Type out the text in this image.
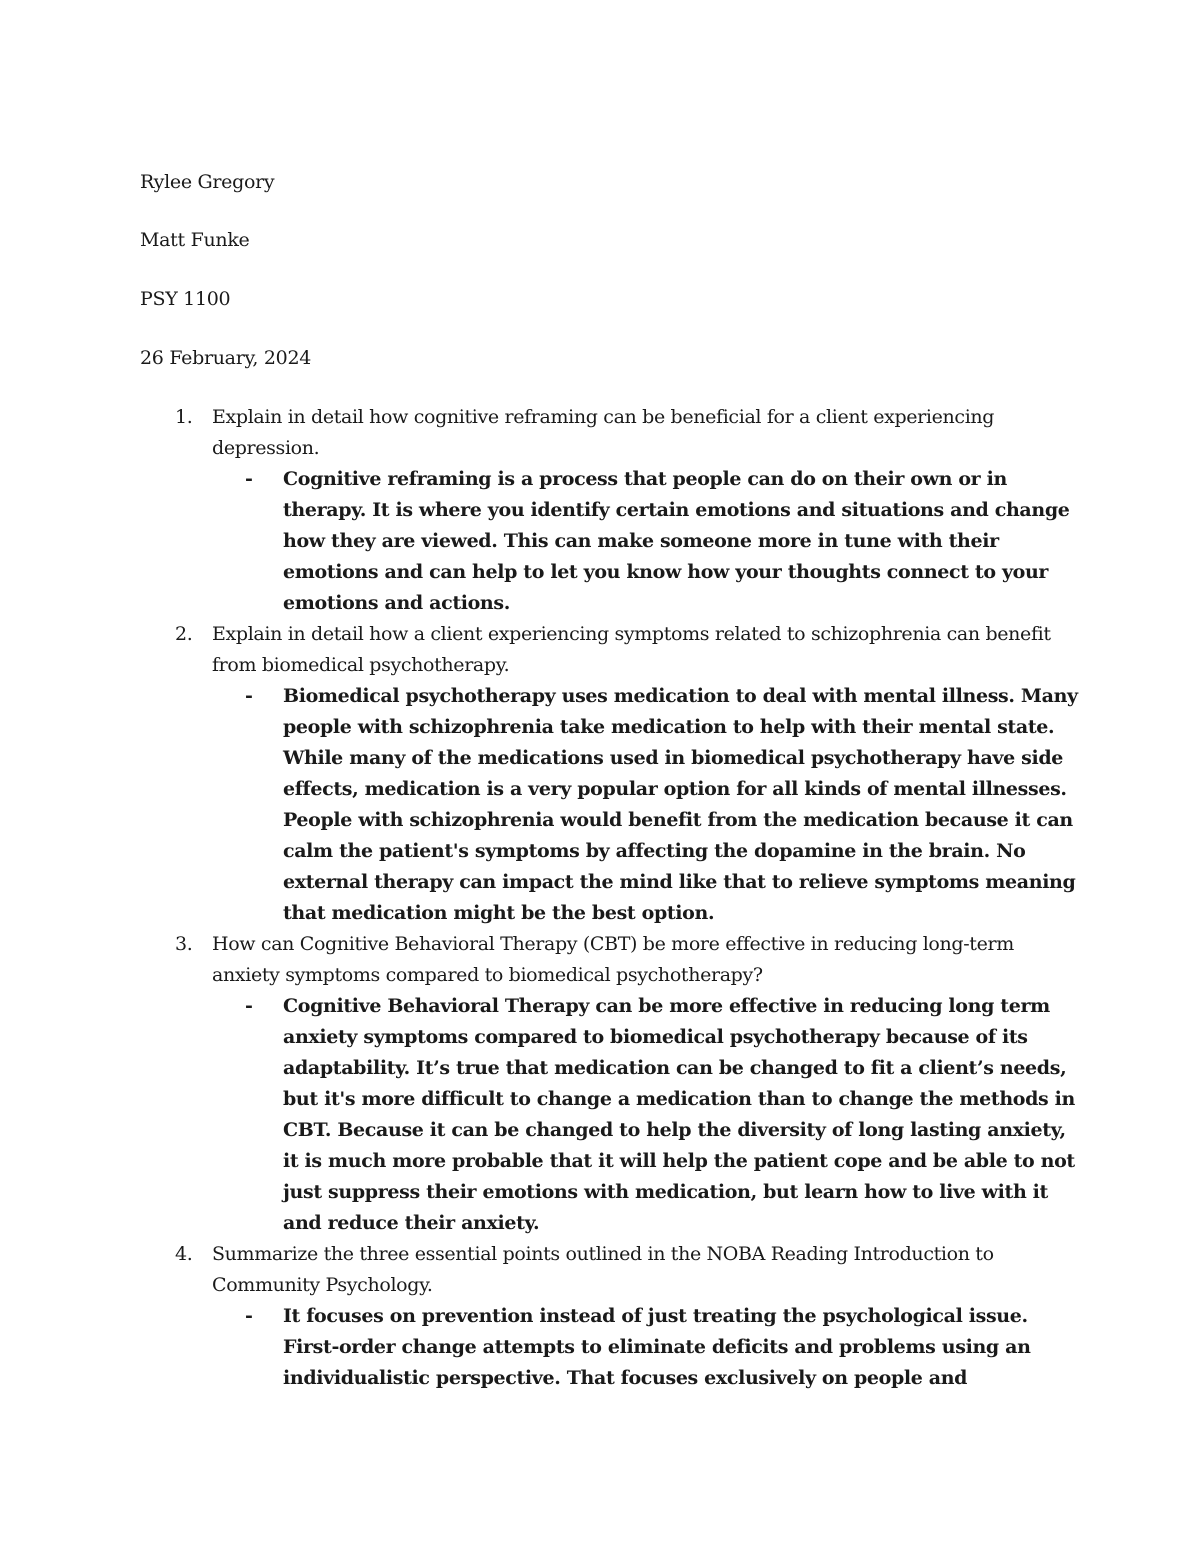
Rylee Gregory
Matt Funke
PSY 1100
26 February, 2024
1. Explain in detail how cognitive reframing can be beneficial for a client experiencing depression.
- Cognitive reframing is a process that people can do on their own or in therapy. It is where you identify certain emotions and situations and change how they are viewed. This can make someone more in tune with their emotions and can help to let you know how your thoughts connect to your emotions and actions.
2. Explain in detail how a client experiencing symptoms related to schizophrenia can benefit from biomedical psychotherapy.
- Biomedical psychotherapy uses medication to deal with mental illness. Many people with schizophrenia take medication to help with their mental state. While many of the medications used in biomedical psychotherapy have side effects, medication is a very popular option for all kinds of mental illnesses. People with schizophrenia would benefit from the medication because it can calm the patient's symptoms by affecting the dopamine in the brain. No external therapy can impact the mind like that to relieve symptoms meaning that medication might be the best option.
3. How can Cognitive Behavioral Therapy (CBT) be more effective in reducing long-term anxiety symptoms compared to biomedical psychotherapy?
- Cognitive Behavioral Therapy can be more effective in reducing long term anxiety symptoms compared to biomedical psychotherapy because of its adaptability. It’s true that medication can be changed to fit a client’s needs, but it's more difficult to change a medication than to change the methods in CBT. Because it can be changed to help the diversity of long lasting anxiety, it is much more probable that it will help the patient cope and be able to not just suppress their emotions with medication, but learn how to live with it and reduce their anxiety.
4. Summarize the three essential points outlined in the NOBA Reading Introduction to Community Psychology.
- It focuses on prevention instead of just treating the psychological issue. First-order change attempts to eliminate deficits and problems using an individualistic perspective. That focuses exclusively on people and
